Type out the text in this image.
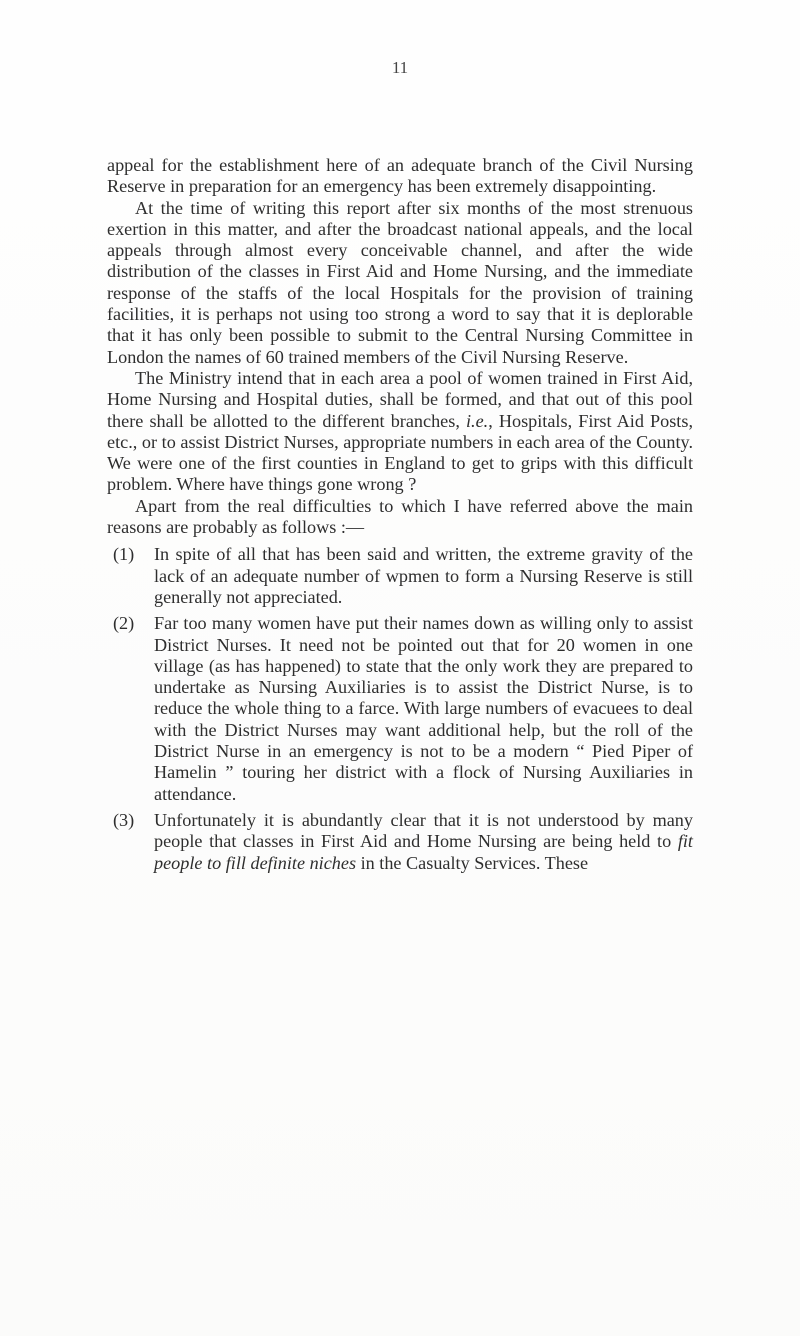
11

appeal for the establishment here of an adequate branch of the Civil Nursing Reserve in preparation for an emergency has been extremely disappointing.

At the time of writing this report after six months of the most strenuous exertion in this matter, and after the broadcast national appeals, and the local appeals through almost every conceivable channel, and after the wide distribution of the classes in First Aid and Home Nursing, and the immediate response of the staffs of the local Hospitals for the provision of training facilities, it is perhaps not using too strong a word to say that it is deplorable that it has only been possible to submit to the Central Nursing Committee in London the names of 60 trained members of the Civil Nursing Reserve.

The Ministry intend that in each area a pool of women trained in First Aid, Home Nursing and Hospital duties, shall be formed, and that out of this pool there shall be allotted to the different branches, i.e., Hospitals, First Aid Posts, etc., or to assist District Nurses, appropriate numbers in each area of the County. We were one of the first counties in England to get to grips with this difficult problem. Where have things gone wrong ?

Apart from the real difficulties to which I have referred above the main reasons are probably as follows :—

(1)	In spite of all that has been said and written, the extreme gravity of the lack of an adequate number of wpmen to form a Nursing Reserve is still generally not appreciated.
(2)	Far too many women have put their names down as willing only to assist District Nurses. It need not be pointed out that for 20 women in one village (as has happened) to state that the only work they are prepared to undertake as Nursing Auxiliaries is to assist the District Nurse, is to reduce the whole thing to a farce. With large numbers of evacuees to deal with the District Nurses may want additional help, but the roll of the District Nurse in an emergency is not to be a modern “ Pied Piper of Hamelin ” touring her district with a flock of Nursing Auxiliaries in attendance.
(3)	Unfortunately it is abundantly clear that it is not understood by many people that classes in First Aid and Home Nursing are being held to fit people to fill definite niches in the Casualty Services. These
